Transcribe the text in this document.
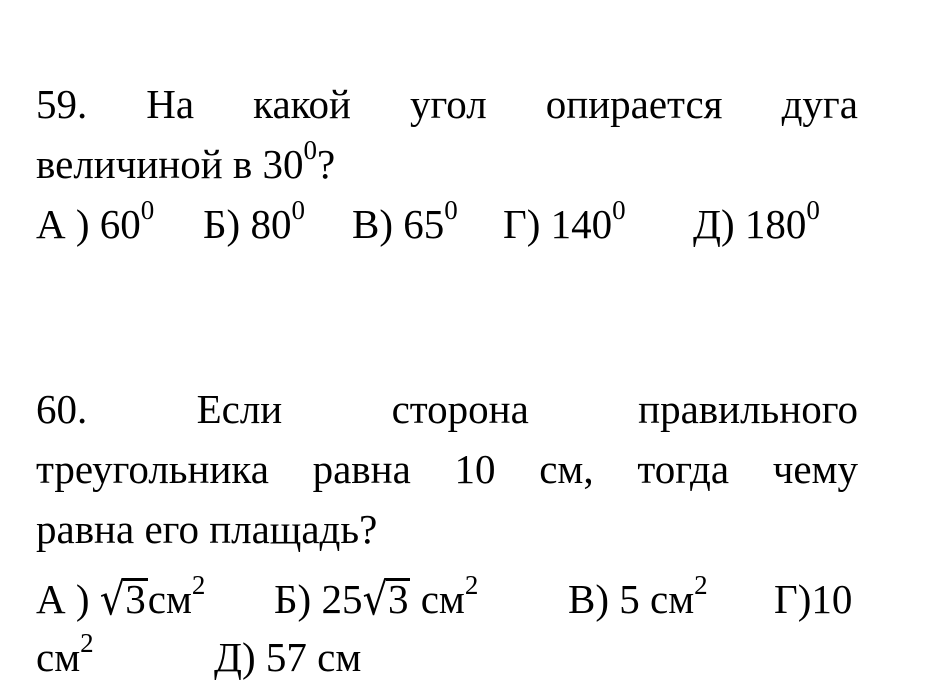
59. На какой угол опирается дуга
величиной в $30^0$?
А ) $60^0$ Б) $80^0$ В) $65^0$ Г) $140^0$ Д) $180^0$
60.	Если	сторона	правильного
треугольника равна 10 см, тогда чему
равна его плащадь?
А ) $√3см^2$ Б) 25√3 $см^2$ В) 5 $см^2$ Г)10
$см^2$	Д) 57 см
